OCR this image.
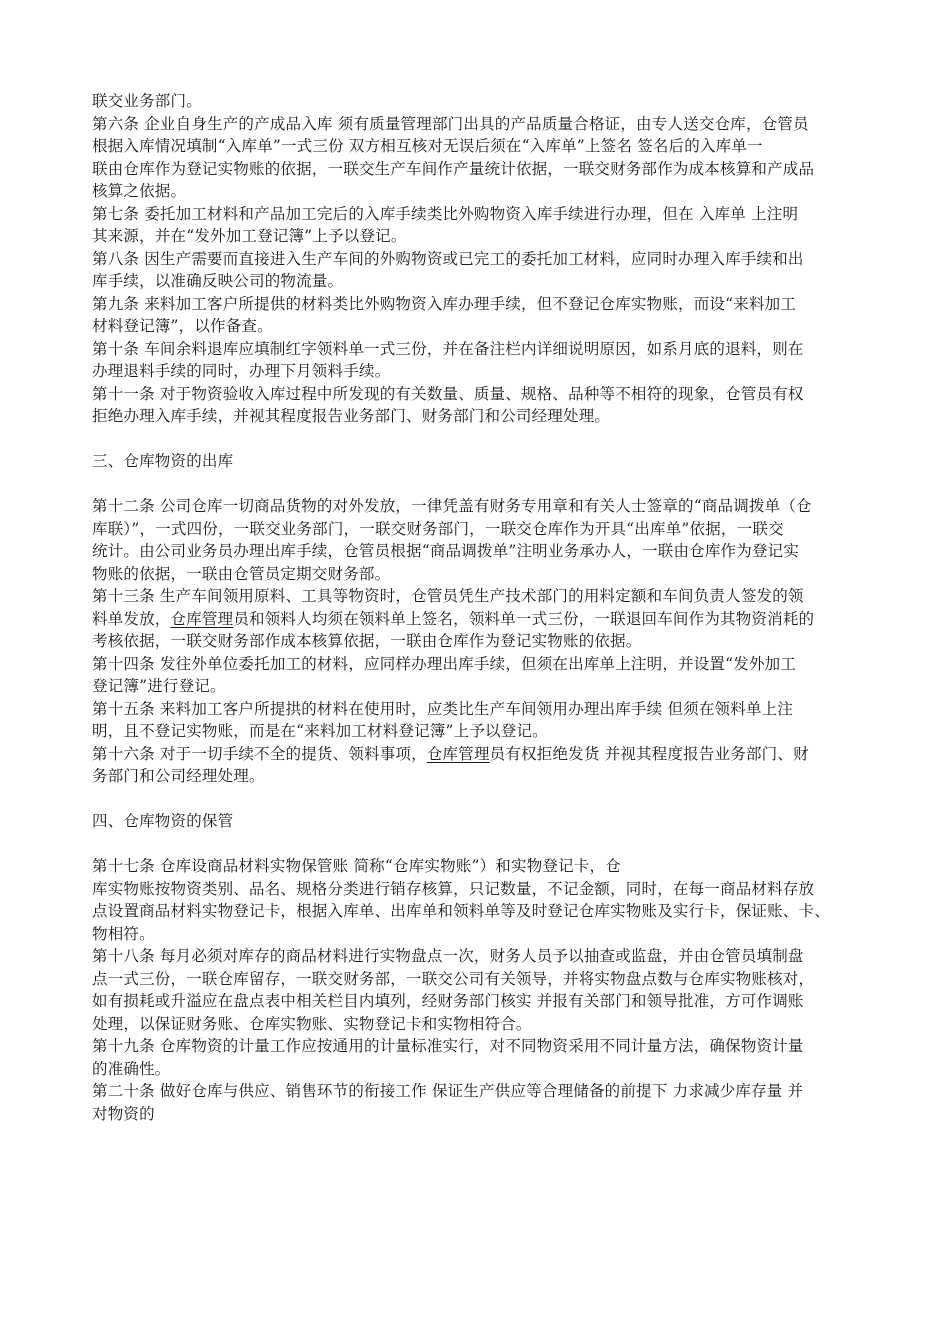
联交业务部门。
第六条 企业自身生产的产成品入库 须有质量管理部门出具的产品质量合格证，由专人送交仓库，仓管员
根据入库情况填制“入库单”一式三份 双方相互核对无误后须在“入库单”上签名 签名后的入库单一
联由仓库作为登记实物账的依据，一联交生产车间作产量统计依据，一联交财务部作为成本核算和产成品
核算之依据。
第七条 委托加工材料和产品加工完后的入库手续类比外购物资入库手续进行办理，但在 入库单 上注明
其来源，并在“发外加工登记簿”上予以登记。
第八条 因生产需要而直接进入生产车间的外购物资或已完工的委托加工材料，应同时办理入库手续和出
库手续，以准确反映公司的物流量。
第九条 来料加工客户所提供的材料类比外购物资入库办理手续，但不登记仓库实物账，而设“来料加工
材料登记簿”，以作备查。
第十条 车间余料退库应填制红字领料单一式三份，并在备注栏内详细说明原因，如系月底的退料，则在
办理退料手续的同时，办理下月领料手续。
第十一条 对于物资验收入库过程中所发现的有关数量、质量、规格、品种等不相符的现象，仓管员有权
拒绝办理入库手续，并视其程度报告业务部门、财务部门和公司经理处理。
三、仓库物资的出库
第十二条 公司仓库一切商品货物的对外发放，一律凭盖有财务专用章和有关人士签章的“商品调拨单（仓
库联）”，一式四份，一联交业务部门，一联交财务部门，一联交仓库作为开具“出库单”依据，一联交
统计。由公司业务员办理出库手续，仓管员根据“商品调拨单”注明业务承办人，一联由仓库作为登记实
物账的依据，一联由仓管员定期交财务部。
第十三条 生产车间领用原料、工具等物资时，仓管员凭生产技术部门的用料定额和车间负责人签发的领
料单发放，仓库管理员和领料人均须在领料单上签名，领料单一式三份，一联退回车间作为其物资消耗的
考核依据，一联交财务部作成本核算依据，一联由仓库作为登记实物账的依据。
第十四条 发往外单位委托加工的材料，应同样办理出库手续，但须在出库单上注明，并设置“发外加工
登记簿”进行登记。
第十五条 来料加工客户所提拱的材料在使用时，应类比生产车间领用办理出库手续 但须在领料单上注
明，且不登记实物账，而是在“来料加工材料登记簿”上予以登记。
第十六条 对于一切手续不全的提货、领料事项，仓库管理员有权拒绝发货 并视其程度报告业务部门、财
务部门和公司经理处理。
四、仓库物资的保管
第十七条 仓库设商品材料实物保管账 简称“仓库实物账”）和实物登记卡，仓
库实物账按物资类别、品名、规格分类进行销存核算，只记数量，不记金额，同时，在每一商品材料存放
点设置商品材料实物登记卡，根据入库单、出库单和领料单等及时登记仓库实物账及实行卡，保证账、卡、
物相符。
第十八条 每月必须对库存的商品材料进行实物盘点一次，财务人员予以抽查或监盘，并由仓管员填制盘
点一式三份，一联仓库留存，一联交财务部，一联交公司有关领导，并将实物盘点数与仓库实物账核对，
如有损耗或升溢应在盘点表中相关栏目内填列，经财务部门核实 并报有关部门和领导批准，方可作调账
处理，以保证财务账、仓库实物账、实物登记卡和实物相符合。
第十九条 仓库物资的计量工作应按通用的计量标准实行，对不同物资采用不同计量方法，确保物资计量
的准确性。
第二十条 做好仓库与供应、销售环节的衔接工作 保证生产供应等合理储备的前提下 力求减少库存量 并
对物资的
